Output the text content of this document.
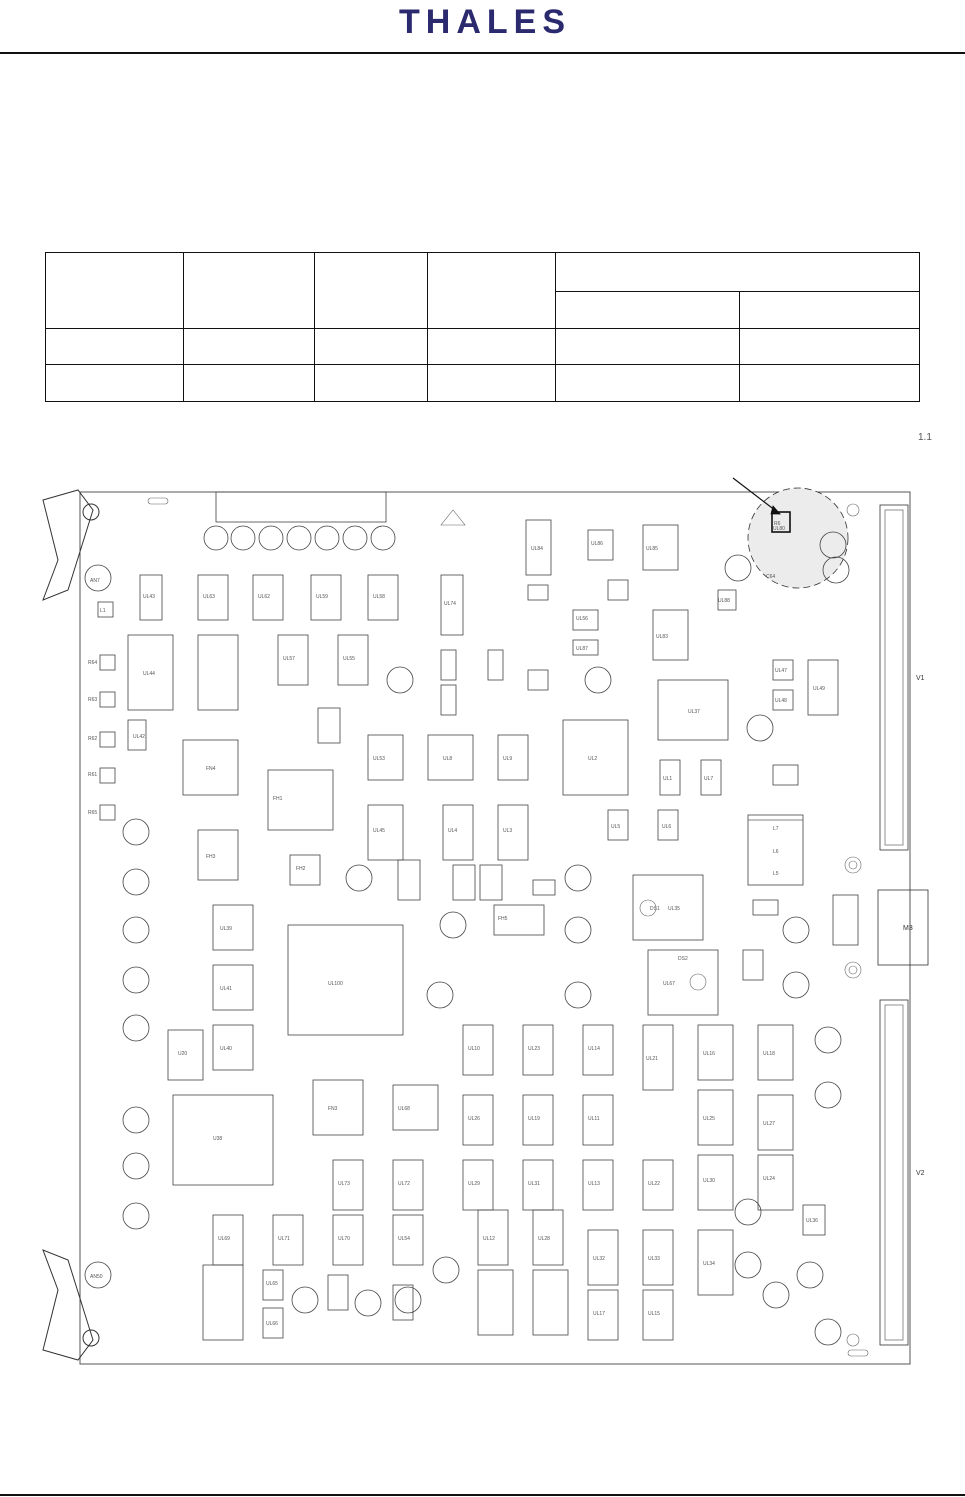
THALES

1.1
V1
M3
V2
AN7
AN50
R64
R63
R62
R61
R65
UL43
UL44
UL42
UL40
UL41
UL39
U20
U38
UL63	UL62	UL59	UL58
UL57	UL55
UL74
UL53	UL8	UL9	UL2
UL3
UL4
UL45
UL5	UL6
UL7
UL1
UL37
UL49
UL47
UL48
UL100
UL35
UL67
UL65
UL66
UL10	UL23	UL14
UL21
UL16
UL26	UL19	UL11
UL27
UL54
UL32	UL33
UL34
UL36
UL17	UL15
UL13
UL29	UL31
UL68
UL69	UL71	UL70
UL72
UL73
UL12	UL28
UL22
UL24
UL25
UL30
UL18
UL80
UL84	UL85
UL83
UL56
UL86
UL87
UL88
FN4
FN3
FH1
FH2
FH3
FH5
L1
L5
L6
L7
R6
DS1
DS2
C64
